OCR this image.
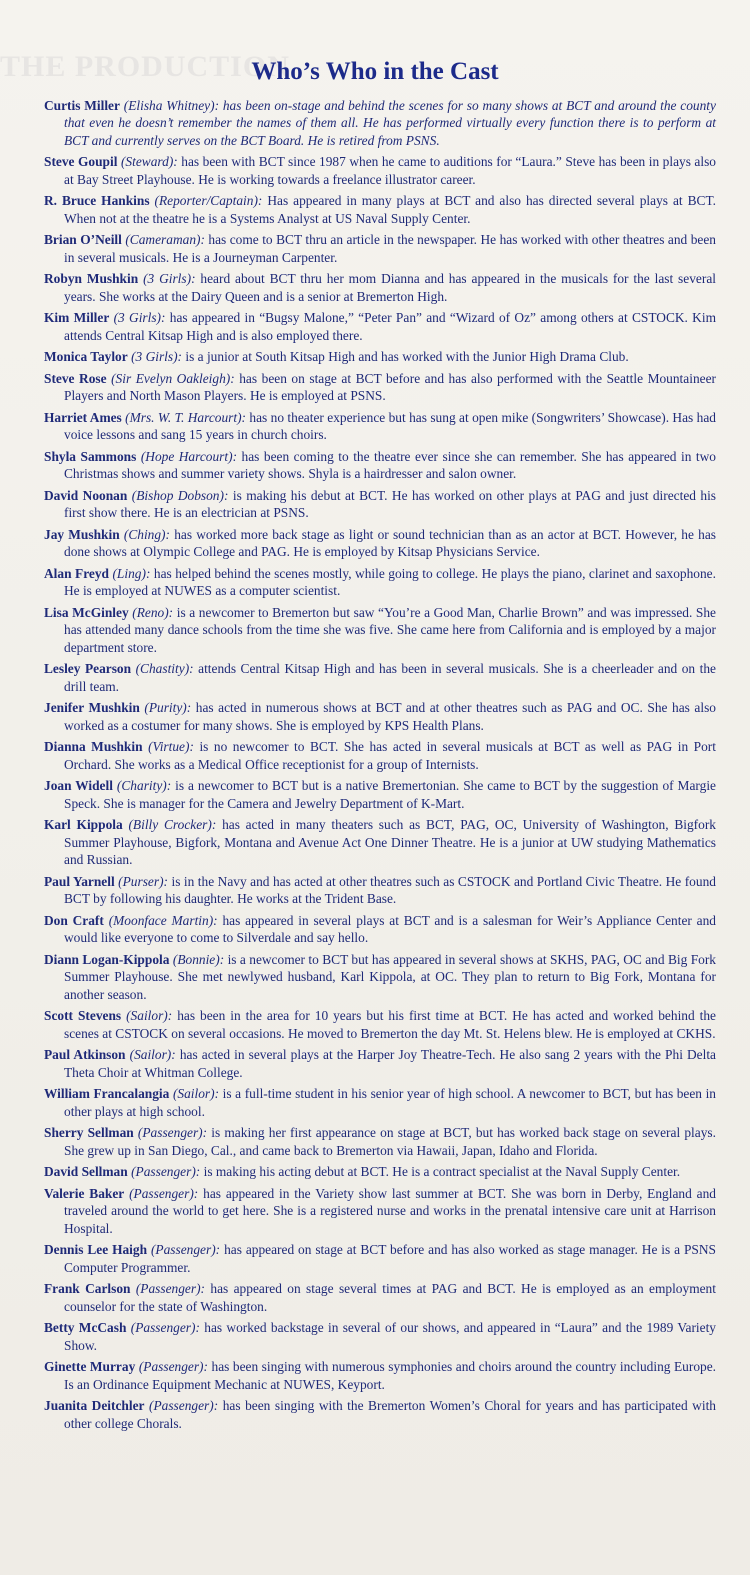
THE PRODUCTION
Who’s Who in the Cast
Curtis Miller (Elisha Whitney): has been on-stage and behind the scenes for so many shows at BCT and around the county that even he doesn’t remember the names of them all. He has performed virtually every function there is to perform at BCT and currently serves on the BCT Board. He is retired from PSNS.
Steve Goupil (Steward): has been with BCT since 1987 when he came to auditions for “Laura.” Steve has been in plays also at Bay Street Playhouse. He is working towards a freelance illustrator career.
R. Bruce Hankins (Reporter/Captain): Has appeared in many plays at BCT and also has directed several plays at BCT. When not at the theatre he is a Systems Analyst at US Naval Supply Center.
Brian O’Neill (Cameraman): has come to BCT thru an article in the newspaper. He has worked with other theatres and been in several musicals. He is a Journeyman Carpenter.
Robyn Mushkin (3 Girls): heard about BCT thru her mom Dianna and has appeared in the musicals for the last several years. She works at the Dairy Queen and is a senior at Bremerton High.
Kim Miller (3 Girls): has appeared in “Bugsy Malone,” “Peter Pan” and “Wizard of Oz” among others at CSTOCK. Kim attends Central Kitsap High and is also employed there.
Monica Taylor (3 Girls): is a junior at South Kitsap High and has worked with the Junior High Drama Club.
Steve Rose (Sir Evelyn Oakleigh): has been on stage at BCT before and has also performed with the Seattle Mountaineer Players and North Mason Players. He is employed at PSNS.
Harriet Ames (Mrs. W. T. Harcourt): has no theater experience but has sung at open mike (Songwriters’ Showcase). Has had voice lessons and sang 15 years in church choirs.
Shyla Sammons (Hope Harcourt): has been coming to the theatre ever since she can remember. She has appeared in two Christmas shows and summer variety shows. Shyla is a hairdresser and salon owner.
David Noonan (Bishop Dobson): is making his debut at BCT. He has worked on other plays at PAG and just directed his first show there. He is an electrician at PSNS.
Jay Mushkin (Ching): has worked more back stage as light or sound technician than as an actor at BCT. However, he has done shows at Olympic College and PAG. He is employed by Kitsap Physicians Service.
Alan Freyd (Ling): has helped behind the scenes mostly, while going to college. He plays the piano, clarinet and saxophone. He is employed at NUWES as a computer scientist.
Lisa McGinley (Reno): is a newcomer to Bremerton but saw “You’re a Good Man, Charlie Brown” and was impressed. She has attended many dance schools from the time she was five. She came here from California and is employed by a major department store.
Lesley Pearson (Chastity): attends Central Kitsap High and has been in several musicals. She is a cheerleader and on the drill team.
Jenifer Mushkin (Purity): has acted in numerous shows at BCT and at other theatres such as PAG and OC. She has also worked as a costumer for many shows. She is employed by KPS Health Plans.
Dianna Mushkin (Virtue): is no newcomer to BCT. She has acted in several musicals at BCT as well as PAG in Port Orchard. She works as a Medical Office receptionist for a group of Internists.
Joan Widell (Charity): is a newcomer to BCT but is a native Bremertonian. She came to BCT by the suggestion of Margie Speck. She is manager for the Camera and Jewelry Department of K-Mart.
Karl Kippola (Billy Crocker): has acted in many theaters such as BCT, PAG, OC, University of Washington, Bigfork Summer Playhouse, Bigfork, Montana and Avenue Act One Dinner Theatre. He is a junior at UW studying Mathematics and Russian.
Paul Yarnell (Purser): is in the Navy and has acted at other theatres such as CSTOCK and Portland Civic Theatre. He found BCT by following his daughter. He works at the Trident Base.
Don Craft (Moonface Martin): has appeared in several plays at BCT and is a salesman for Weir’s Appliance Center and would like everyone to come to Silverdale and say hello.
Diann Logan-Kippola (Bonnie): is a newcomer to BCT but has appeared in several shows at SKHS, PAG, OC and Big Fork Summer Playhouse. She met newlywed husband, Karl Kippola, at OC. They plan to return to Big Fork, Montana for another season.
Scott Stevens (Sailor): has been in the area for 10 years but his first time at BCT. He has acted and worked behind the scenes at CSTOCK on several occasions. He moved to Bremerton the day Mt. St. Helens blew. He is employed at CKHS.
Paul Atkinson (Sailor): has acted in several plays at the Harper Joy Theatre-Tech. He also sang 2 years with the Phi Delta Theta Choir at Whitman College.
William Francalangia (Sailor): is a full-time student in his senior year of high school. A newcomer to BCT, but has been in other plays at high school.
Sherry Sellman (Passenger): is making her first appearance on stage at BCT, but has worked back stage on several plays. She grew up in San Diego, Cal., and came back to Bremerton via Hawaii, Japan, Idaho and Florida.
David Sellman (Passenger): is making his acting debut at BCT. He is a contract specialist at the Naval Supply Center.
Valerie Baker (Passenger): has appeared in the Variety show last summer at BCT. She was born in Derby, England and traveled around the world to get here. She is a registered nurse and works in the prenatal intensive care unit at Harrison Hospital.
Dennis Lee Haigh (Passenger): has appeared on stage at BCT before and has also worked as stage manager. He is a PSNS Computer Programmer.
Frank Carlson (Passenger): has appeared on stage several times at PAG and BCT. He is employed as an employment counselor for the state of Washington.
Betty McCash (Passenger): has worked backstage in several of our shows, and appeared in “Laura” and the 1989 Variety Show.
Ginette Murray (Passenger): has been singing with numerous symphonies and choirs around the country including Europe. Is an Ordinance Equipment Mechanic at NUWES, Keyport.
Juanita Deitchler (Passenger): has been singing with the Bremerton Women’s Choral for years and has participated with other college Chorals.
